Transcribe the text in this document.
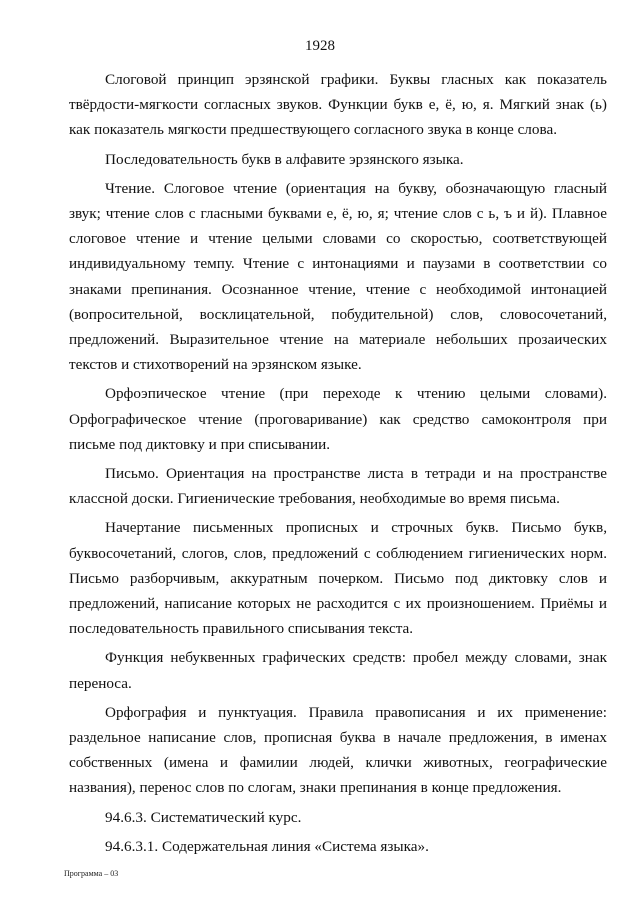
1928

Слоговой принцип эрзянской графики. Буквы гласных как показатель твёрдости-мягкости согласных звуков. Функции букв е, ё, ю, я. Мягкий знак (ь) как показатель мягкости предшествующего согласного звука в конце слова.

Последовательность букв в алфавите эрзянского языка.

Чтение. Слоговое чтение (ориентация на букву, обозначающую гласный звук; чтение слов с гласными буквами е, ё, ю, я; чтение слов с ь, ъ и й). Плавное слоговое чтение и чтение целыми словами со скоростью, соответствующей индивидуальному темпу. Чтение с интонациями и паузами в соответствии со знаками препинания. Осознанное чтение, чтение с необходимой интонацией (вопросительной, восклицательной, побудительной) слов, словосочетаний, предложений. Выразительное чтение на материале небольших прозаических текстов и стихотворений на эрзянском языке.

Орфоэпическое чтение (при переходе к чтению целыми словами). Орфографическое чтение (проговаривание) как средство самоконтроля при письме под диктовку и при списывании.

Письмо. Ориентация на пространстве листа в тетради и на пространстве классной доски. Гигиенические требования, необходимые во время письма.

Начертание письменных прописных и строчных букв. Письмо букв, буквосочетаний, слогов, слов, предложений с соблюдением гигиенических норм. Письмо разборчивым, аккуратным почерком. Письмо под диктовку слов и предложений, написание которых не расходится с их произношением. Приёмы и последовательность правильного списывания текста.

Функция небуквенных графических средств: пробел между словами, знак переноса.

Орфография и пунктуация. Правила правописания и их применение: раздельное написание слов, прописная буква в начале предложения, в именах собственных (имена и фамилии людей, клички животных, географические названия), перенос слов по слогам, знаки препинания в конце предложения.

94.6.3. Систематический курс.

94.6.3.1. Содержательная линия «Система языка».

Программа – 03
